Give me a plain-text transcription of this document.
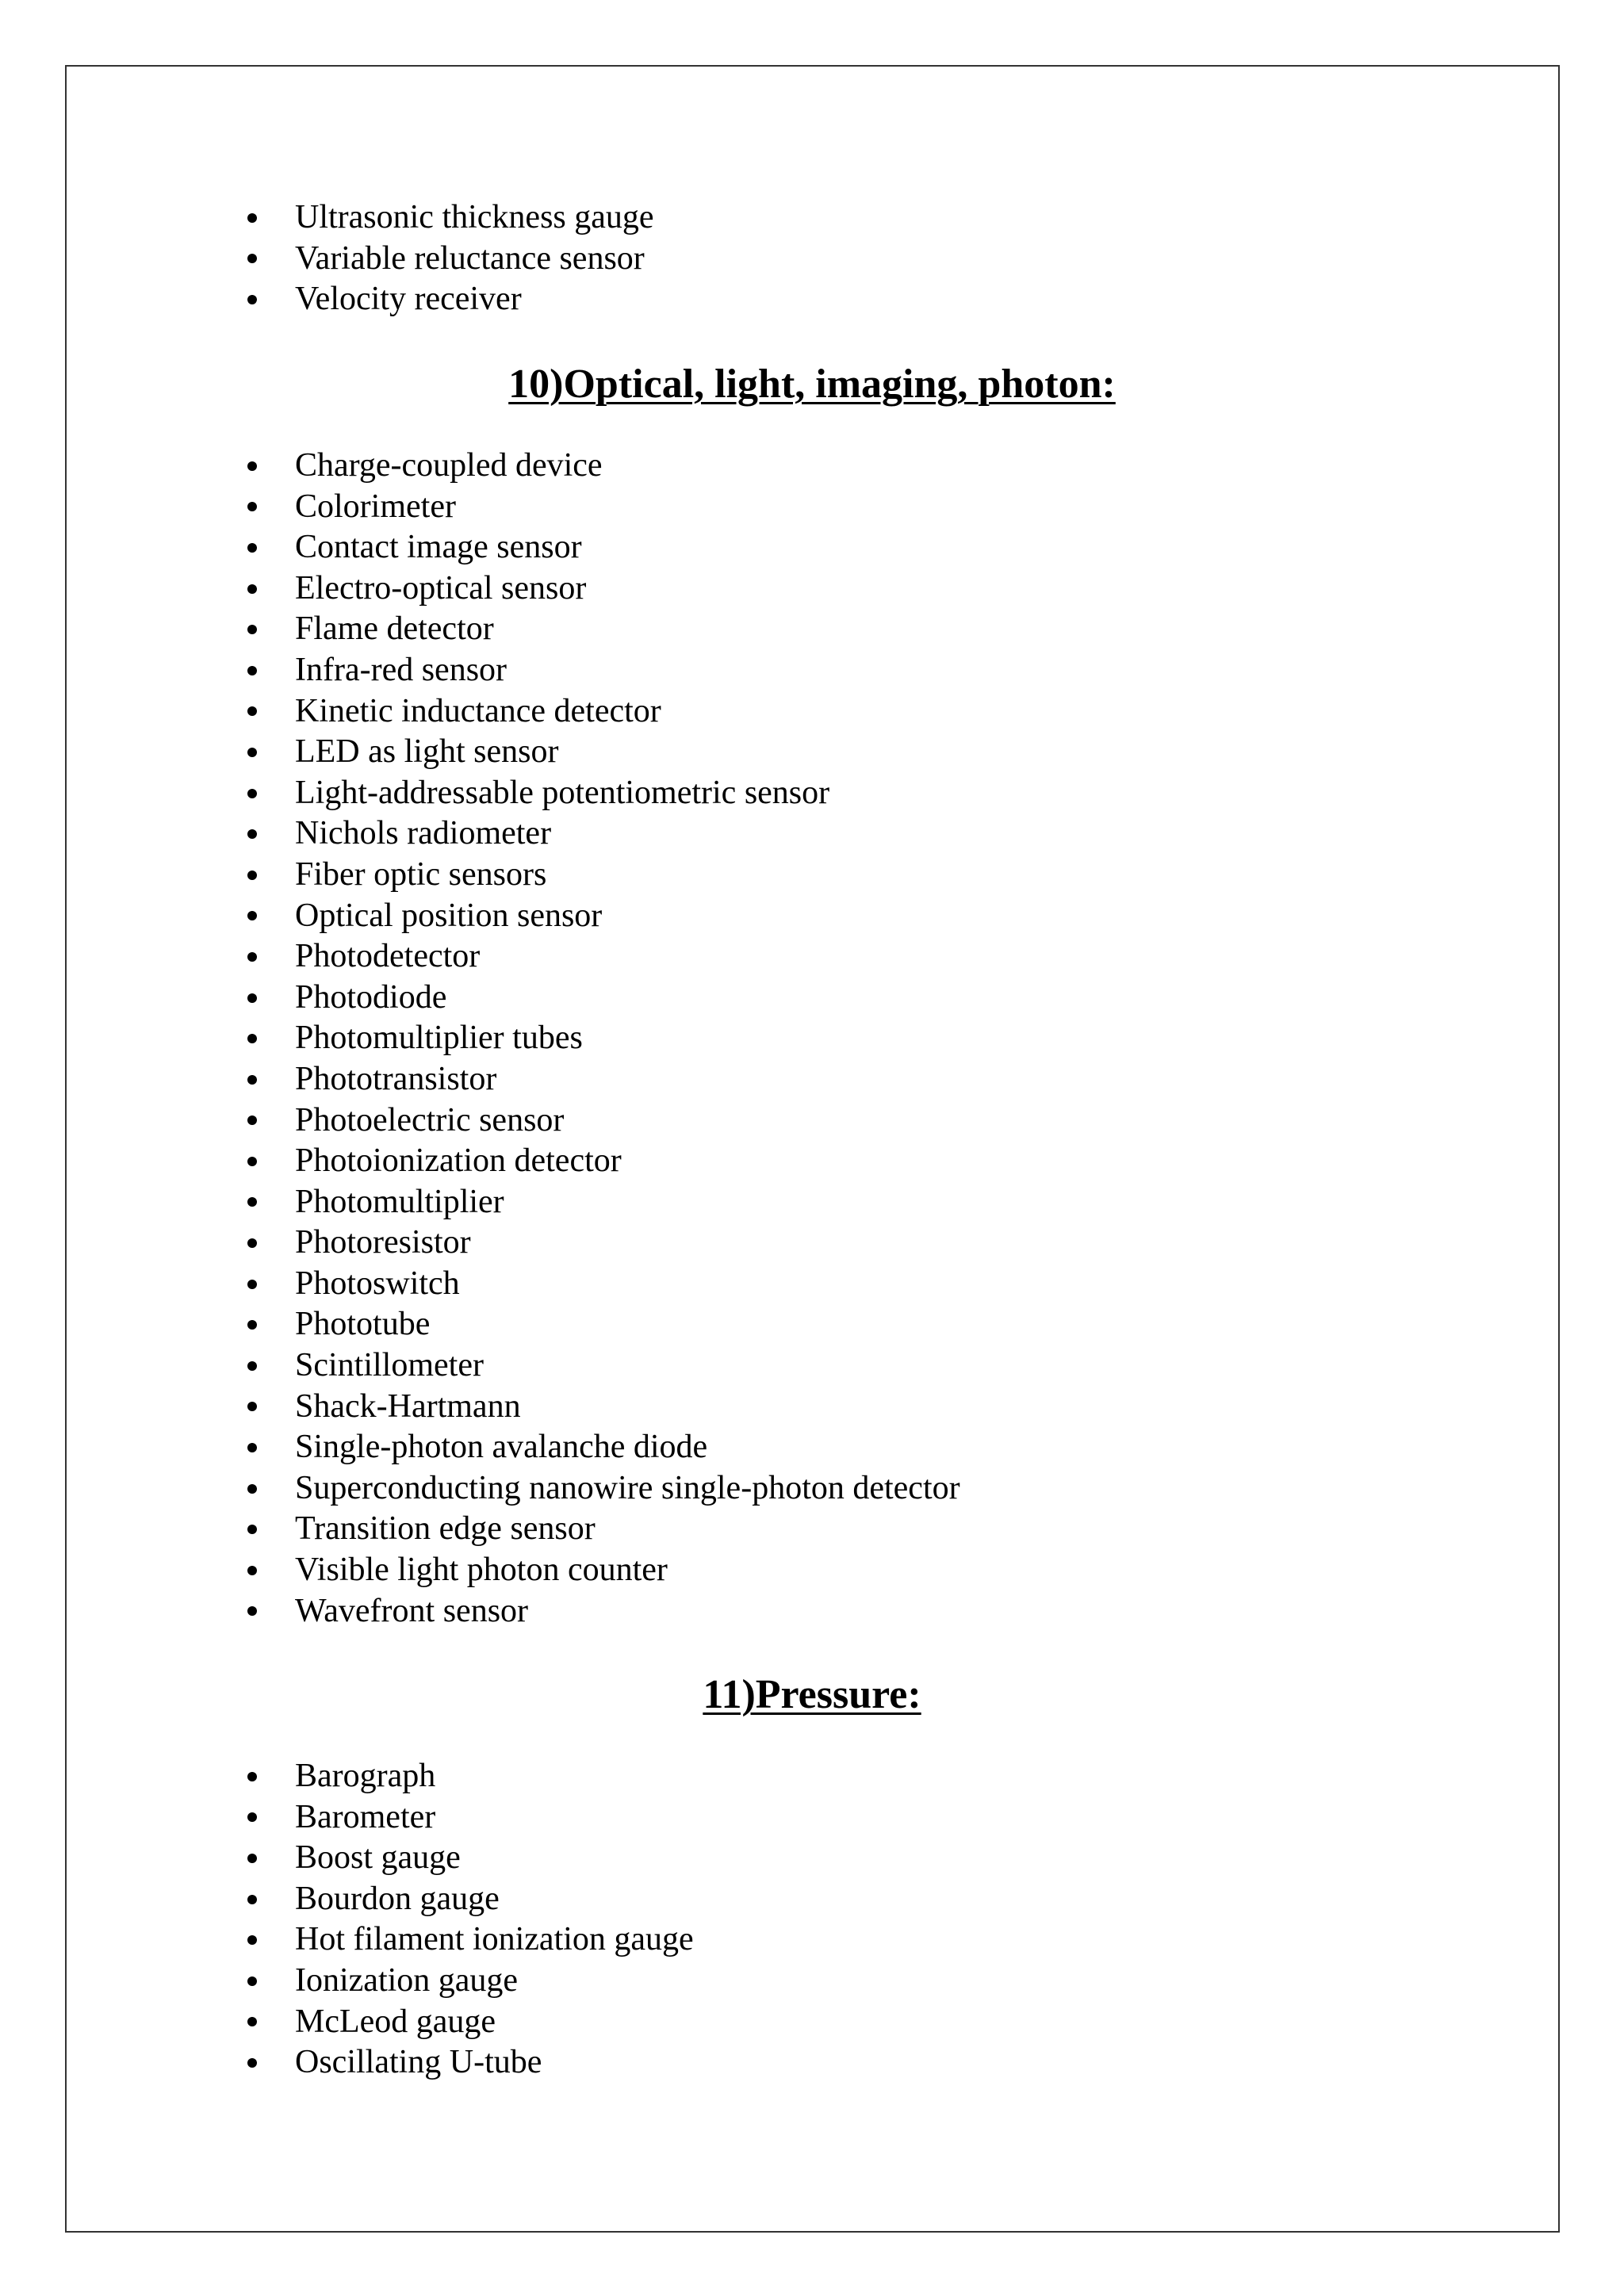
Ultrasonic thickness gauge
Variable reluctance sensor
Velocity receiver
10)Optical, light, imaging, photon:
Charge-coupled device
Colorimeter
Contact image sensor
Electro-optical sensor
Flame detector
Infra-red sensor
Kinetic inductance detector
LED as light sensor
Light-addressable potentiometric sensor
Nichols radiometer
Fiber optic sensors
Optical position sensor
Photodetector
Photodiode
Photomultiplier tubes
Phototransistor
Photoelectric sensor
Photoionization detector
Photomultiplier
Photoresistor
Photoswitch
Phototube
Scintillometer
Shack-Hartmann
Single-photon avalanche diode
Superconducting nanowire single-photon detector
Transition edge sensor
Visible light photon counter
Wavefront sensor
11)Pressure:
Barograph
Barometer
Boost gauge
Bourdon gauge
Hot filament ionization gauge
Ionization gauge
McLeod gauge
Oscillating U-tube
